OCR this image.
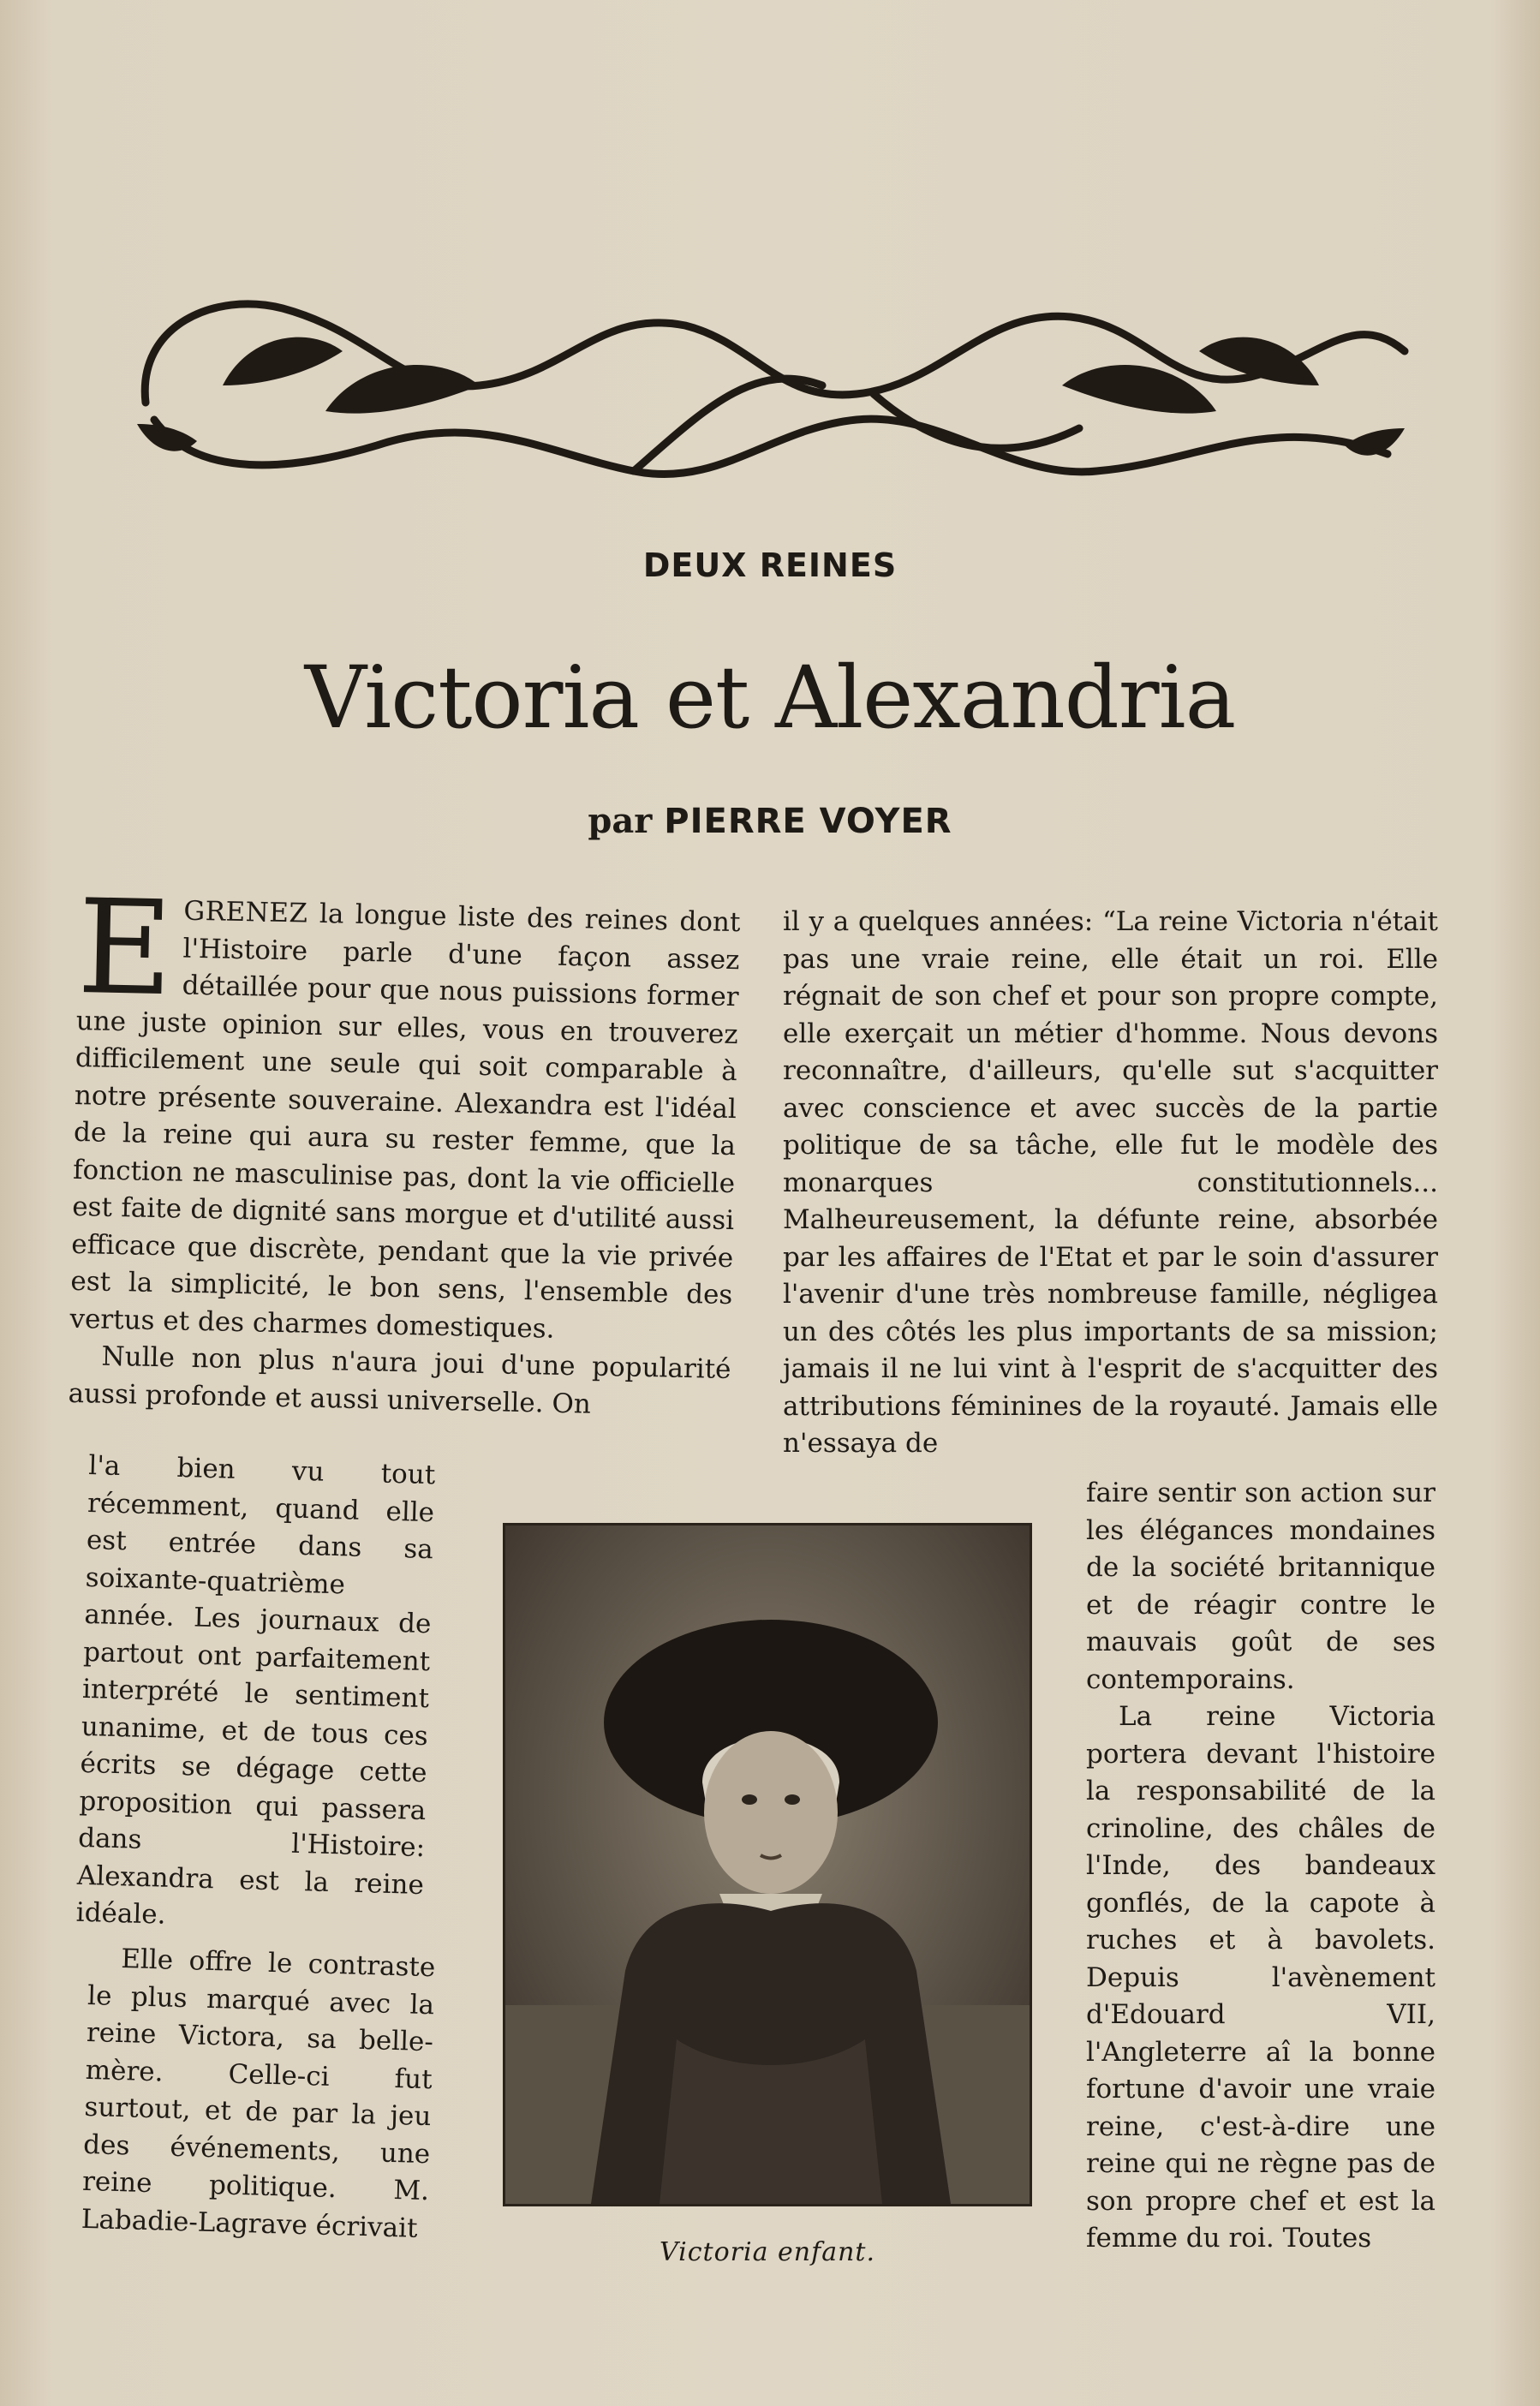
DEUX REINES
Victoria et Alexandria
par PIERRE VOYER

EGRENEZ la longue liste des reines dont l'Histoire parle d'une façon assez détaillée pour que nous puissions former une juste opinion sur elles, vous en trouverez difficilement une seule qui soit comparable à notre présente souveraine. Alexandra est l'idéal de la reine qui aura su rester femme, que la fonction ne masculinise pas, dont la vie officielle est faite de dignité sans morgue et d'utilité aussi efficace que discrète, pendant que la vie privée est la simplicité, le bon sens, l'ensemble des vertus et des charmes domestiques.

Nulle non plus n'aura joui d'une popularité aussi profonde et aussi universelle. On

l'a bien vu tout récemment, quand elle est entrée dans sa soixante-quatrième année. Les journaux de partout ont parfaitement interprété le sentiment unanime, et de tous ces écrits se dégage cette proposition qui passera dans l'Histoire: Alexandra est la reine idéale.

Elle offre le contraste le plus marqué avec la reine Victora, sa belle-mère. Celle-ci fut surtout, et de par la jeu des événements, une reine politique. M. Labadie-Lagrave écrivait

il y a quelques années: “La reine Victoria n'était pas une vraie reine, elle était un roi. Elle régnait de son chef et pour son propre compte, elle exerçait un métier d'homme. Nous devons reconnaître, d'ailleurs, qu'elle sut s'acquitter avec conscience et avec succès de la partie politique de sa tâche, elle fut le modèle des monarques constitutionnels... Malheureusement, la défunte reine, absorbée par les affaires de l'Etat et par le soin d'assurer l'avenir d'une très nombreuse famille, négligea un des côtés les plus importants de sa mission; jamais il ne lui vint à l'esprit de s'acquitter des attributions féminines de la royauté. Jamais elle n'essaya de

faire sentir son action sur les élégances mondaines de la société britannique et de réagir contre le mauvais goût de ses contemporains.

La reine Victoria portera devant l'histoire la responsabilité de la crinoline, des châles de l'Inde, des bandeaux gonflés, de la capote à ruches et à bavolets. Depuis l'avènement d'Edouard VII, l'Angleterre aî la bonne fortune d'avoir une vraie reine, c'est-à-dire une reine qui ne règne pas de son propre chef et est la femme du roi. Toutes

Victoria enfant.
